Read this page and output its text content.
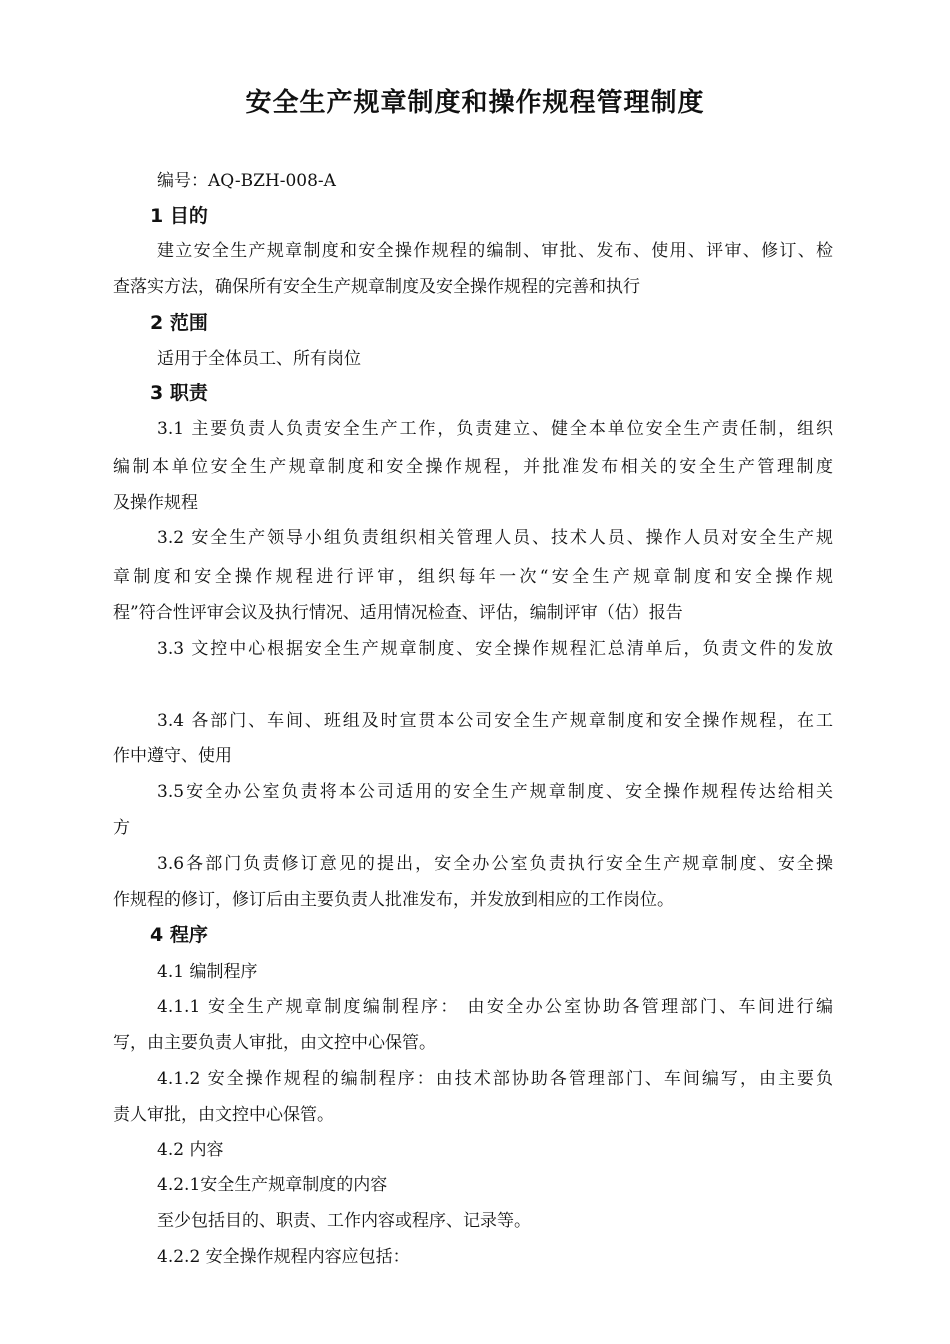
安全生产规章制度和操作规程管理制度
编号：AQ-BZH-008-A
1 目的
建立安全生产规章制度和安全操作规程的编制、审批、发布、使用、评审、修订、检
查落实方法，确保所有安全生产规章制度及安全操作规程的完善和执行
2 范围
适用于全体员工、所有岗位
3 职责
3.1 主要负责人负责安全生产工作，负责建立、健全本单位安全生产责任制，组织
编制本单位安全生产规章制度和安全操作规程，并批准发布相关的安全生产管理制度
及操作规程
3.2 安全生产领导小组负责组织相关管理人员、技术人员、操作人员对安全生产规
章制度和安全操作规程进行评审，组织每年一次“安全生产规章制度和安全操作规
程”符合性评审会议及执行情况、适用情况检查、评估，编制评审（估）报告
3.3 文控中心根据安全生产规章制度、安全操作规程汇总清单后，负责文件的发放
3.4 各部门、车间、班组及时宣贯本公司安全生产规章制度和安全操作规程，在工
作中遵守、使用
3.5安全办公室负责将本公司适用的安全生产规章制度、安全操作规程传达给相关
方
3.6各部门负责修订意见的提出，安全办公室负责执行安全生产规章制度、安全操
作规程的修订，修订后由主要负责人批准发布，并发放到相应的工作岗位。
4 程序
4.1 编制程序
4.1.1 安全生产规章制度编制程序： 由安全办公室协助各管理部门、车间进行编
写，由主要负责人审批，由文控中心保管。
4.1.2 安全操作规程的编制程序：由技术部协助各管理部门、车间编写，由主要负
责人审批，由文控中心保管。
4.2 内容
4.2.1安全生产规章制度的内容
至少包括目的、职责、工作内容或程序、记录等。
4.2.2 安全操作规程内容应包括：
